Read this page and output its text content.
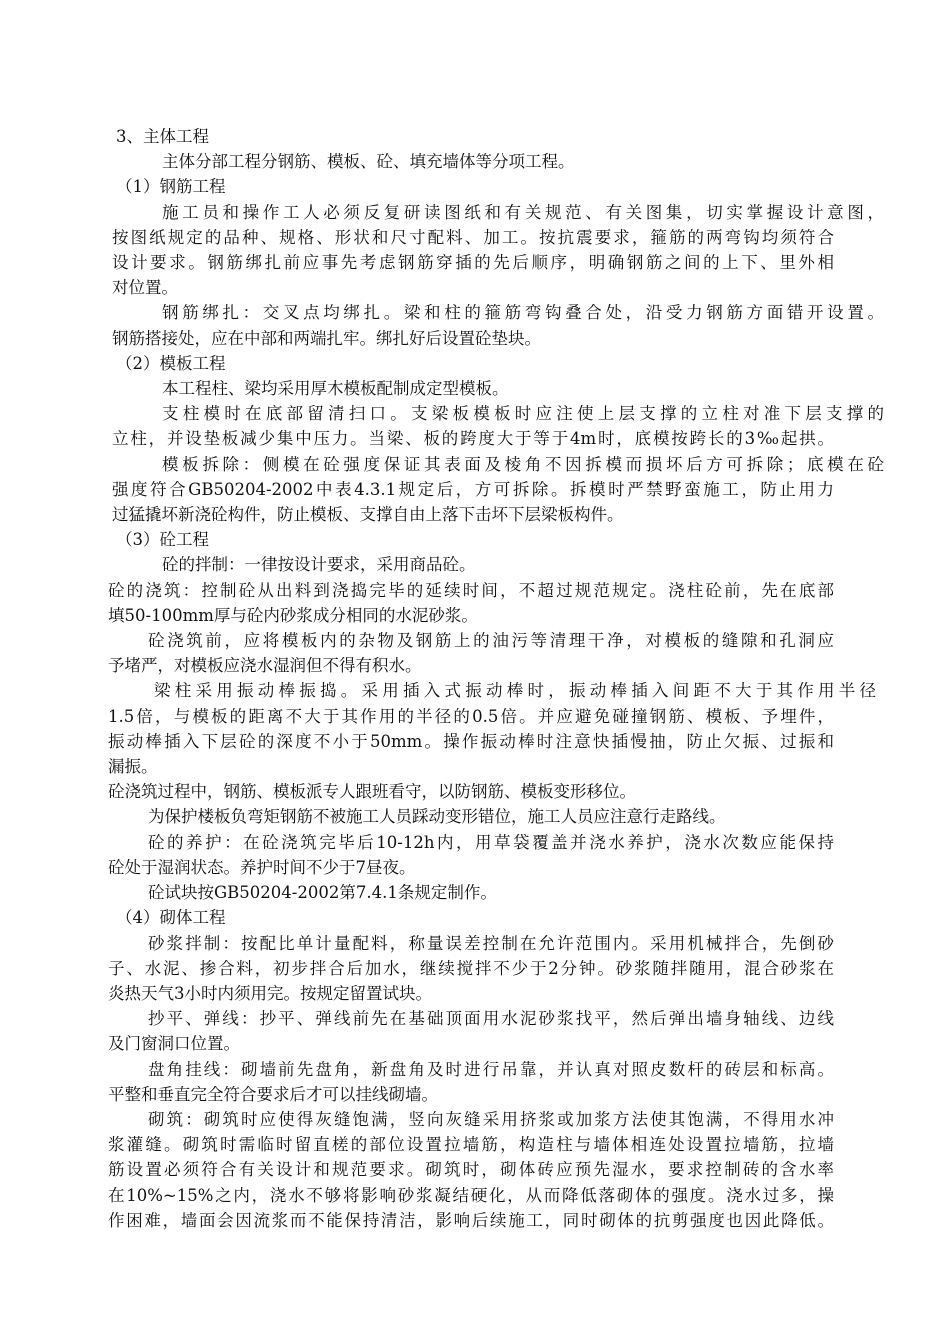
3、主体工程

主体分部工程分钢筋、模板、砼、填充墙体等分项工程。

（1）钢筋工程

施工员和操作工人必须反复研读图纸和有关规范、有关图集，切实掌握设计意图，

按图纸规定的品种、规格、形状和尺寸配料、加工。按抗震要求，箍筋的两弯钩均须符合

设计要求。钢筋绑扎前应事先考虑钢筋穿插的先后顺序，明确钢筋之间的上下、里外相

对位置。

钢筋绑扎：交叉点均绑扎。梁和柱的箍筋弯钩叠合处，沿受力钢筋方面错开设置。

钢筋搭接处，应在中部和两端扎牢。绑扎好后设置砼垫块。

（2）模板工程

本工程柱、梁均采用厚木模板配制成定型模板。

支柱模时在底部留清扫口。支梁板模板时应注使上层支撑的立柱对准下层支撑的

立柱，并设垫板减少集中压力。当梁、板的跨度大于等于4m时，底模按跨长的3‰起拱。

模板拆除：侧模在砼强度保证其表面及棱角不因拆模而损坏后方可拆除；底模在砼

强度符合GB50204-2002中表4.3.1规定后，方可拆除。拆模时严禁野蛮施工，防止用力

过猛撬坏新浇砼构件，防止模板、支撑自由上落下击坏下层梁板构件。

（3）砼工程

砼的拌制：一律按设计要求，采用商品砼。

砼的浇筑：控制砼从出料到浇捣完毕的延续时间，不超过规范规定。浇柱砼前，先在底部

填50-100mm厚与砼内砂浆成分相同的水泥砂浆。

砼浇筑前，应将模板内的杂物及钢筋上的油污等清理干净，对模板的缝隙和孔洞应

予堵严，对模板应浇水湿润但不得有积水。

梁柱采用振动棒振捣。采用插入式振动棒时，振动棒插入间距不大于其作用半径

1.5倍，与模板的距离不大于其作用的半径的0.5倍。并应避免碰撞钢筋、模板、予埋件，

振动棒插入下层砼的深度不小于50mm。操作振动棒时注意快插慢抽，防止欠振、过振和

漏振。

砼浇筑过程中，钢筋、模板派专人跟班看守，以防钢筋、模板变形移位。

为保护楼板负弯矩钢筋不被施工人员踩动变形错位，施工人员应注意行走路线。

砼的养护：在砼浇筑完毕后10-12h内，用草袋覆盖并浇水养护，浇水次数应能保持

砼处于湿润状态。养护时间不少于7昼夜。

砼试块按GB50204-2002第7.4.1条规定制作。

（4）砌体工程

砂浆拌制：按配比单计量配料，称量误差控制在允许范围内。采用机械拌合，先倒砂

子、水泥、掺合料，初步拌合后加水，继续搅拌不少于2分钟。砂浆随拌随用，混合砂浆在

炎热天气3小时内须用完。按规定留置试块。

抄平、弹线：抄平、弹线前先在基础顶面用水泥砂浆找平，然后弹出墙身轴线、边线

及门窗洞口位置。

盘角挂线：砌墙前先盘角，新盘角及时进行吊靠，并认真对照皮数杆的砖层和标高。

平整和垂直完全符合要求后才可以挂线砌墙。

砌筑：砌筑时应使得灰缝饱满，竖向灰缝采用挤浆或加浆方法使其饱满，不得用水冲

浆灌缝。砌筑时需临时留直槎的部位设置拉墙筋，构造柱与墙体相连处设置拉墙筋，拉墙

筋设置必须符合有关设计和规范要求。砌筑时，砌体砖应预先湿水，要求控制砖的含水率

在10%~15%之内，浇水不够将影响砂浆凝结硬化，从而降低落砌体的强度。浇水过多，操

作困难，墙面会因流浆而不能保持清洁，影响后续施工，同时砌体的抗剪强度也因此降低。
